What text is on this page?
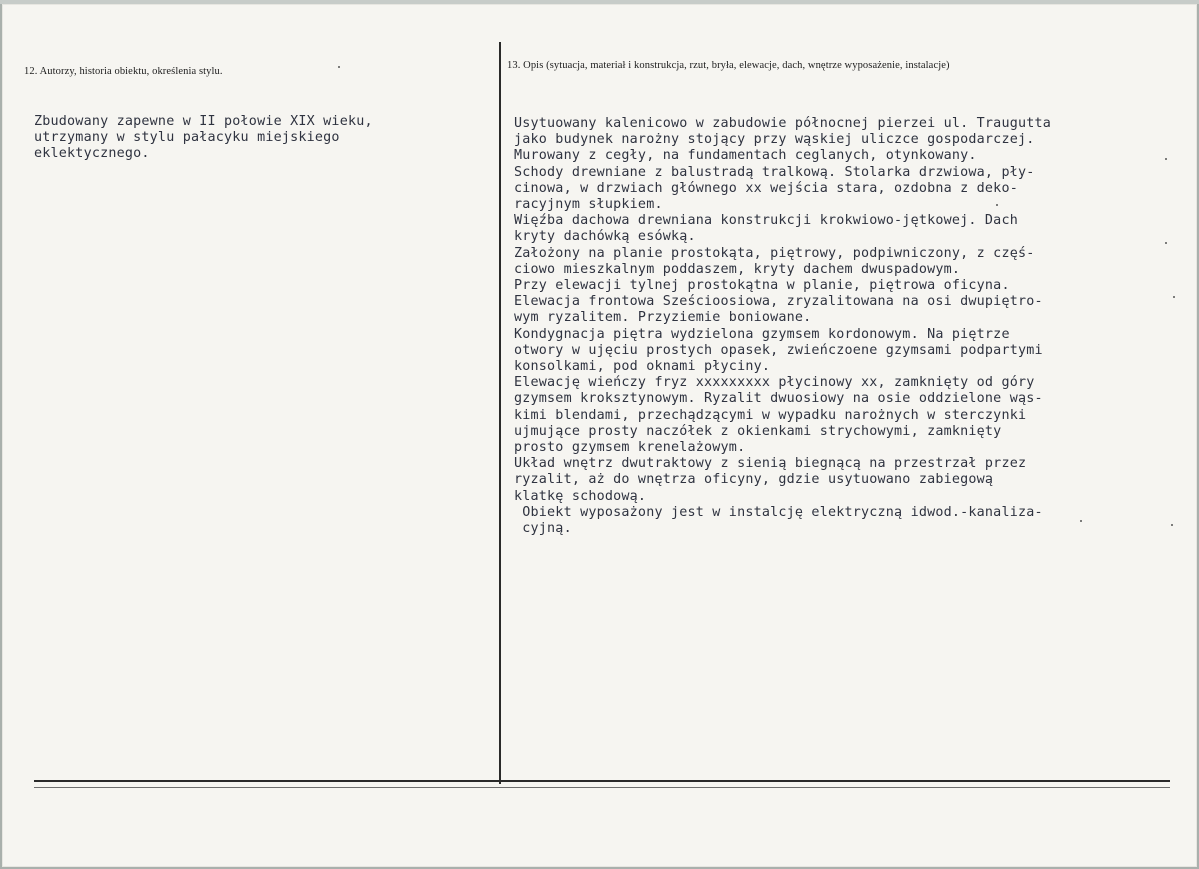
12. Autorzy, historia obiektu, określenia stylu.
13. Opis (sytuacja, materiał i konstrukcja, rzut, bryła, elewacje, dach, wnętrze wyposażenie, instalacje)
Zbudowany zapewne w II połowie XIX wieku,
utrzymany w stylu pałacyku miejskiego
eklektycznego.
Usytuowany kalenicowo w zabudowie północnej pierzei ul. Traugutta
jako budynek narożny stojący przy wąskiej uliczce gospodarczej.
Murowany z cegły, na fundamentach ceglanych, otynkowany.
Schody drewniane z balustradą tralkową. Stolarka drzwiowa, pły-
cinowa, w drzwiach głównego xx wejścia stara, ozdobna z deko-
racyjnym słupkiem.
Więźba dachowa drewniana konstrukcji krokwiowo-jętkowej. Dach
kryty dachówką esówką.
Założony na planie prostokąta, piętrowy, podpiwniczony, z częś-
ciowo mieszkalnym poddaszem, kryty dachem dwuspadowym.
Przy elewacji tylnej prostokątna w planie, piętrowa oficyna.
Elewacja frontowa Sześcioosiowa, zryzalitowana na osi dwupiętro-
wym ryzalitem. Przyziemie boniowane.
Kondygnacja piętra wydzielona gzymsem kordonowym. Na piętrze
otwory w ujęciu prostych opasek, zwieńczoene gzymsami podpartymi
konsolkami, pod oknami płyciny.
Elewację wieńczy fryz xxxxxxxxx płycinowy xx, zamknięty od góry
gzymsem kroksztynowym. Ryzalit dwuosiowy na osie oddzielone wąs-
kimi blendami, przechądzącymi w wypadku narożnych w sterczynki
ujmujące prosty naczółek z okienkami strychowymi, zamknięty
prosto gzymsem krenelażowym.
Układ wnętrz dwutraktowy z sienią biegnącą na przestrzał przez
ryzalit, aż do wnętrza oficyny, gdzie usytuowano zabiegową
klatkę schodową.
Obiekt wyposażony jest w instalcję elektryczną idwod.-kanaliza-
cyjną.
